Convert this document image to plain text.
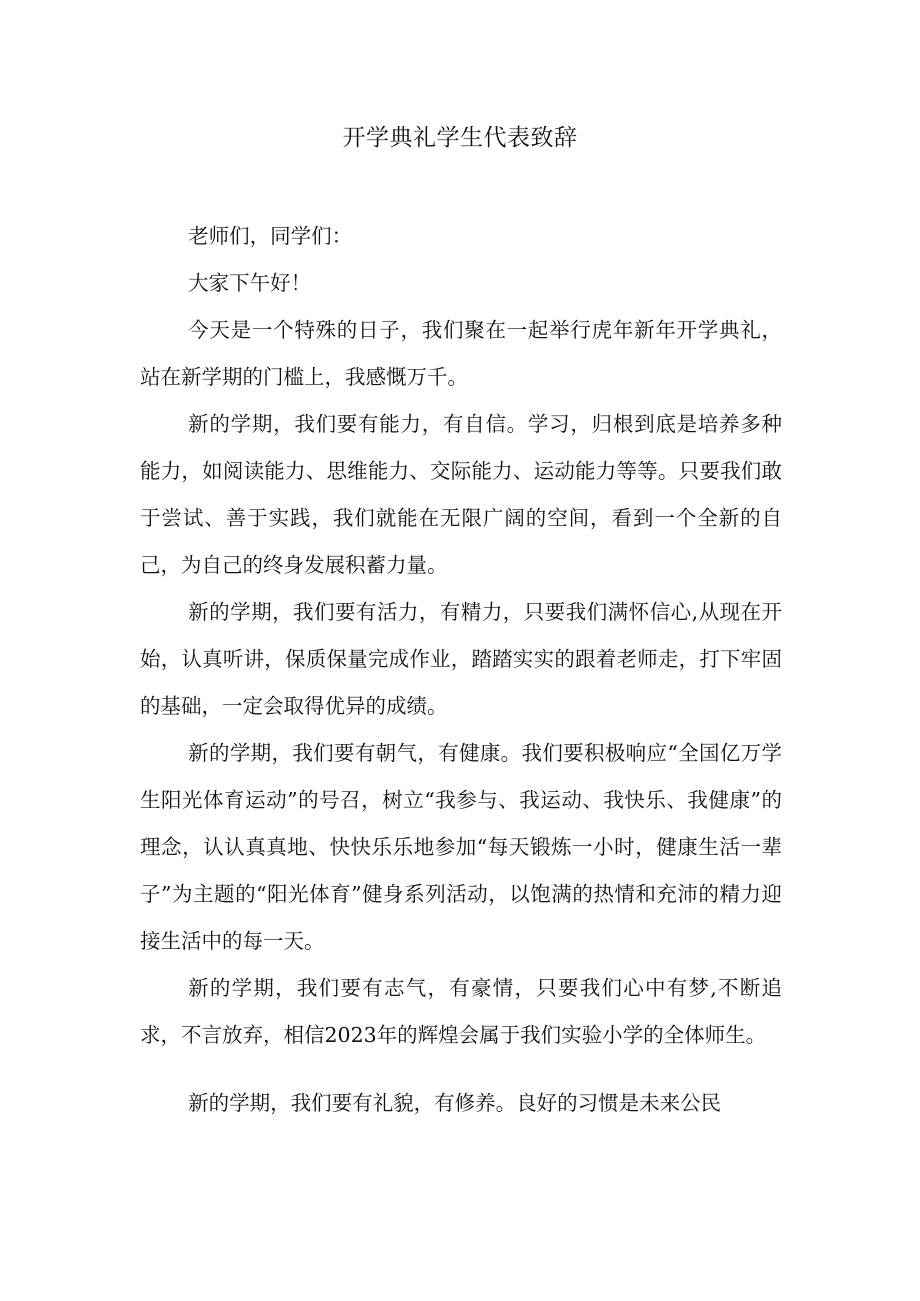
开学典礼学生代表致辞

老师们，同学们：

大家下午好！

今天是一个特殊的日子，我们聚在一起举行虎年新年开学典礼，站在新学期的门槛上，我感慨万千。

新的学期，我们要有能力，有自信。学习，归根到底是培养多种能力，如阅读能力、思维能力、交际能力、运动能力等等。只要我们敢于尝试、善于实践，我们就能在无限广阔的空间，看到一个全新的自己，为自己的终身发展积蓄力量。

新的学期，我们要有活力，有精力，只要我们满怀信心,从现在开始，认真听讲，保质保量完成作业，踏踏实实的跟着老师走，打下牢固的基础，一定会取得优异的成绩。

新的学期，我们要有朝气，有健康。我们要积极响应“全国亿万学生阳光体育运动”的号召，树立“我参与、我运动、我快乐、我健康”的理念，认认真真地、快快乐乐地参加“每天锻炼一小时，健康生活一辈子”为主题的“阳光体育”健身系列活动，以饱满的热情和充沛的精力迎接生活中的每一天。

新的学期，我们要有志气，有豪情，只要我们心中有梦,不断追求，不言放弃，相信2023年的辉煌会属于我们实验小学的全体师生。

新的学期，我们要有礼貌，有修养。良好的习惯是未来公民
